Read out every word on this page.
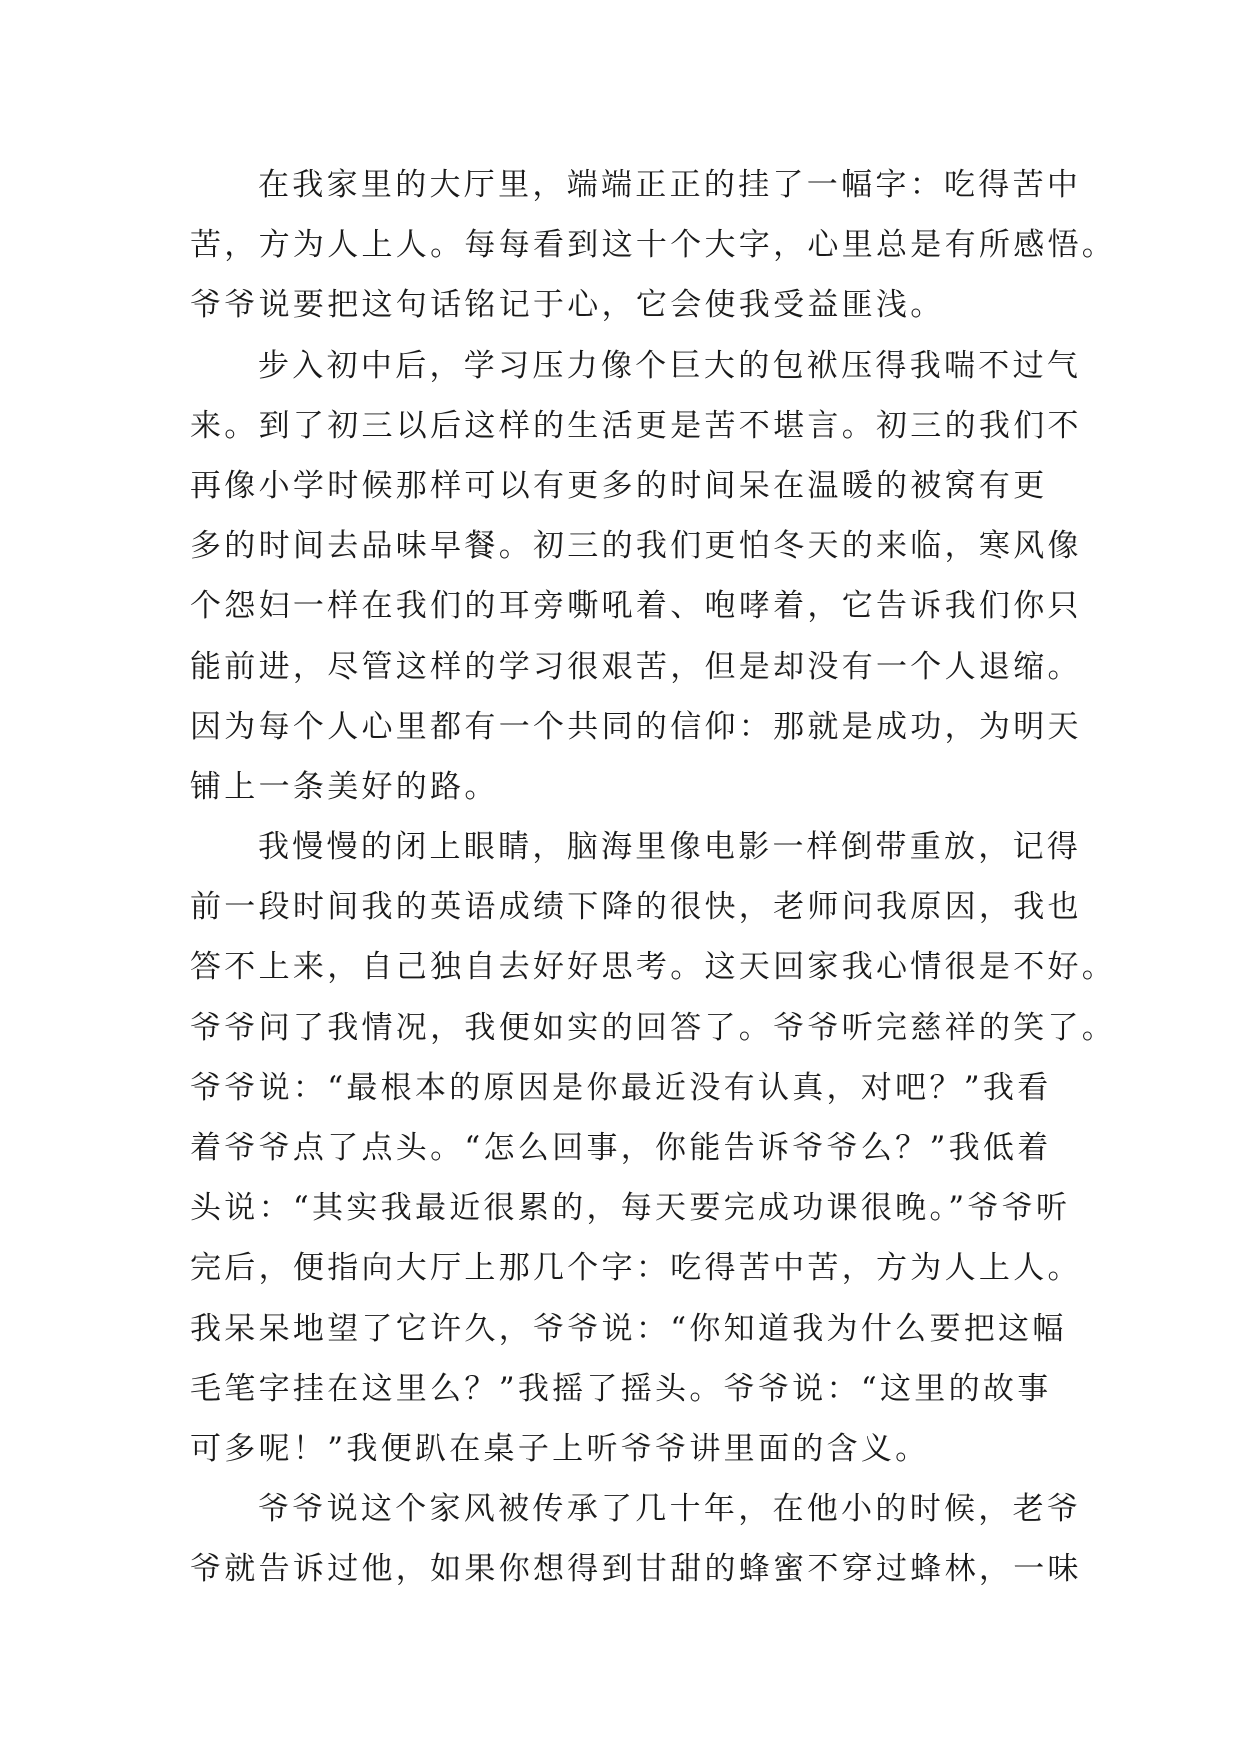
在我家里的大厅里，端端正正的挂了一幅字：吃得苦中
苦，方为人上人。每每看到这十个大字，心里总是有所感悟。
爷爷说要把这句话铭记于心，它会使我受益匪浅。
步入初中后，学习压力像个巨大的包袱压得我喘不过气
来。到了初三以后这样的生活更是苦不堪言。初三的我们不
再像小学时候那样可以有更多的时间呆在温暖的被窝有更
多的时间去品味早餐。初三的我们更怕冬天的来临，寒风像
个怨妇一样在我们的耳旁嘶吼着、咆哮着，它告诉我们你只
能前进，尽管这样的学习很艰苦，但是却没有一个人退缩。
因为每个人心里都有一个共同的信仰：那就是成功，为明天
铺上一条美好的路。
我慢慢的闭上眼睛，脑海里像电影一样倒带重放，记得
前一段时间我的英语成绩下降的很快，老师问我原因，我也
答不上来，自己独自去好好思考。这天回家我心情很是不好。
爷爷问了我情况，我便如实的回答了。爷爷听完慈祥的笑了。
爷爷说：“最根本的原因是你最近没有认真，对吧？”我看
着爷爷点了点头。“怎么回事，你能告诉爷爷么？”我低着
头说：“其实我最近很累的，每天要完成功课很晚。”爷爷听
完后，便指向大厅上那几个字：吃得苦中苦，方为人上人。
我呆呆地望了它许久，爷爷说：“你知道我为什么要把这幅
毛笔字挂在这里么？”我摇了摇头。爷爷说：“这里的故事
可多呢！”我便趴在桌子上听爷爷讲里面的含义。
爷爷说这个家风被传承了几十年，在他小的时候，老爷
爷就告诉过他，如果你想得到甘甜的蜂蜜不穿过蜂林，一味
